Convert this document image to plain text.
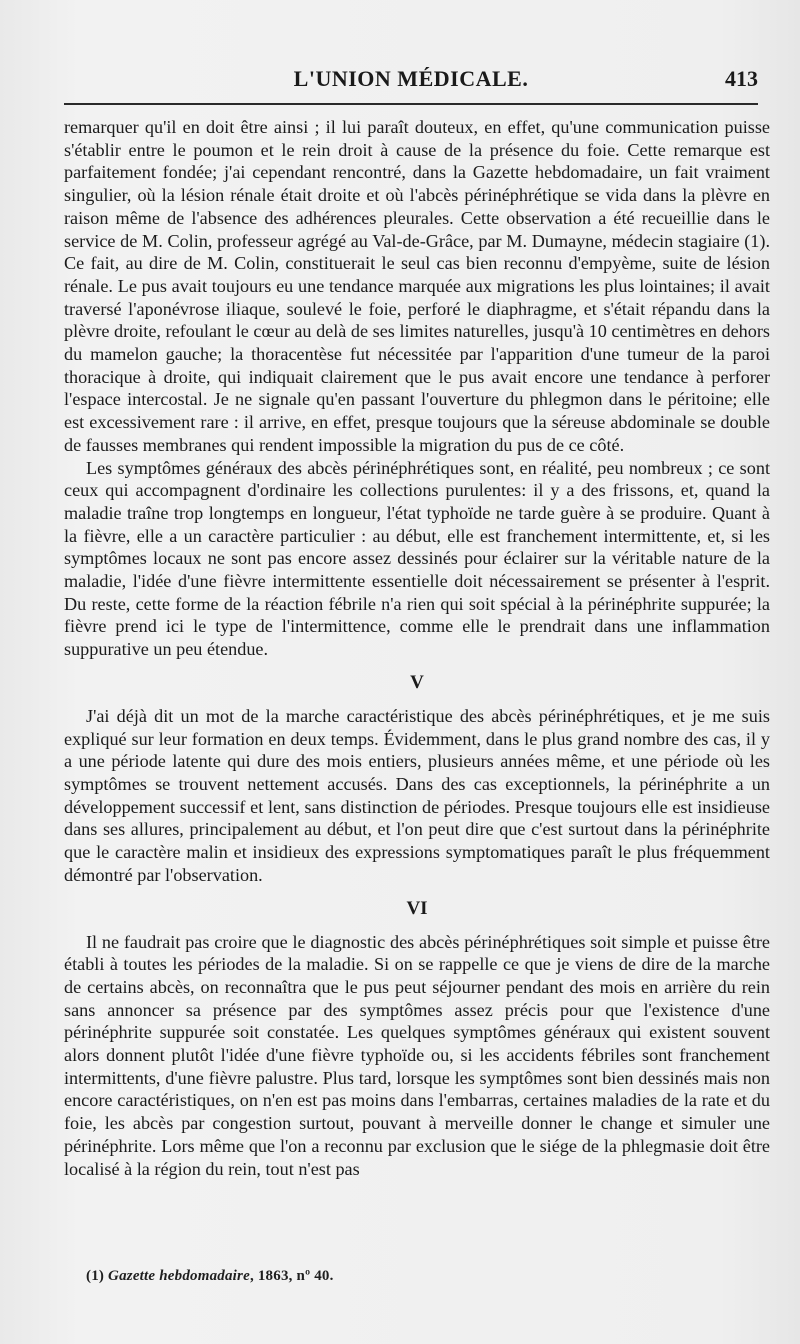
L'UNION MÉDICALE.	413

remarquer qu'il en doit être ainsi ; il lui paraît douteux, en effet, qu'une communication puisse s'établir entre le poumon et le rein droit à cause de la présence du foie. Cette remarque est parfaitement fondée; j'ai cependant rencontré, dans la Gazette hebdomadaire, un fait vraiment singulier, où la lésion rénale était droite et où l'abcès périnéphrétique se vida dans la plèvre en raison même de l'absence des adhérences pleurales. Cette observation a été recueillie dans le service de M. Colin, professeur agrégé au Val-de-Grâce, par M. Dumayne, médecin stagiaire (1). Ce fait, au dire de M. Colin, constituerait le seul cas bien reconnu d'empyème, suite de lésion rénale. Le pus avait toujours eu une tendance marquée aux migrations les plus lointaines; il avait traversé l'aponévrose iliaque, soulevé le foie, perforé le diaphragme, et s'était répandu dans la plèvre droite, refoulant le cœur au delà de ses limites naturelles, jusqu'à 10 centimètres en dehors du mamelon gauche; la thoracentèse fut nécessitée par l'apparition d'une tumeur de la paroi thoracique à droite, qui indiquait clairement que le pus avait encore une tendance à perforer l'espace intercostal. Je ne signale qu'en passant l'ouverture du phlegmon dans le péritoine; elle est excessivement rare : il arrive, en effet, presque toujours que la séreuse abdominale se double de fausses membranes qui rendent impossible la migration du pus de ce côté.

Les symptômes généraux des abcès périnéphrétiques sont, en réalité, peu nombreux ; ce sont ceux qui accompagnent d'ordinaire les collections purulentes: il y a des frissons, et, quand la maladie traîne trop longtemps en longueur, l'état typhoïde ne tarde guère à se produire. Quant à la fièvre, elle a un caractère particulier : au début, elle est franchement intermittente, et, si les symptômes locaux ne sont pas encore assez dessinés pour éclairer sur la véritable nature de la maladie, l'idée d'une fièvre intermittente essentielle doit nécessairement se présenter à l'esprit. Du reste, cette forme de la réaction fébrile n'a rien qui soit spécial à la périnéphrite suppurée; la fièvre prend ici le type de l'intermittence, comme elle le prendrait dans une inflammation suppurative un peu étendue.

V

J'ai déjà dit un mot de la marche caractéristique des abcès périnéphrétiques, et je me suis expliqué sur leur formation en deux temps. Évidemment, dans le plus grand nombre des cas, il y a une période latente qui dure des mois entiers, plusieurs années même, et une période où les symptômes se trouvent nettement accusés. Dans des cas exceptionnels, la périnéphrite a un développement successif et lent, sans distinction de périodes. Presque toujours elle est insidieuse dans ses allures, principalement au début, et l'on peut dire que c'est surtout dans la périnéphrite que le caractère malin et insidieux des expressions symptomatiques paraît le plus fréquemment démontré par l'observation.

VI

Il ne faudrait pas croire que le diagnostic des abcès périnéphrétiques soit simple et puisse être établi à toutes les périodes de la maladie. Si on se rappelle ce que je viens de dire de la marche de certains abcès, on reconnaîtra que le pus peut séjourner pendant des mois en arrière du rein sans annoncer sa présence par des symptômes assez précis pour que l'existence d'une périnéphrite suppurée soit constatée. Les quelques symptômes généraux qui existent souvent alors donnent plutôt l'idée d'une fièvre typhoïde ou, si les accidents fébriles sont franchement intermittents, d'une fièvre palustre. Plus tard, lorsque les symptômes sont bien dessinés mais non encore caractéristiques, on n'en est pas moins dans l'embarras, certaines maladies de la rate et du foie, les abcès par congestion surtout, pouvant à merveille donner le change et simuler une périnéphrite. Lors même que l'on a reconnu par exclusion que le siége de la phlegmasie doit être localisé à la région du rein, tout n'est pas

(1) Gazette hebdomadaire, 1863, nº 40.
